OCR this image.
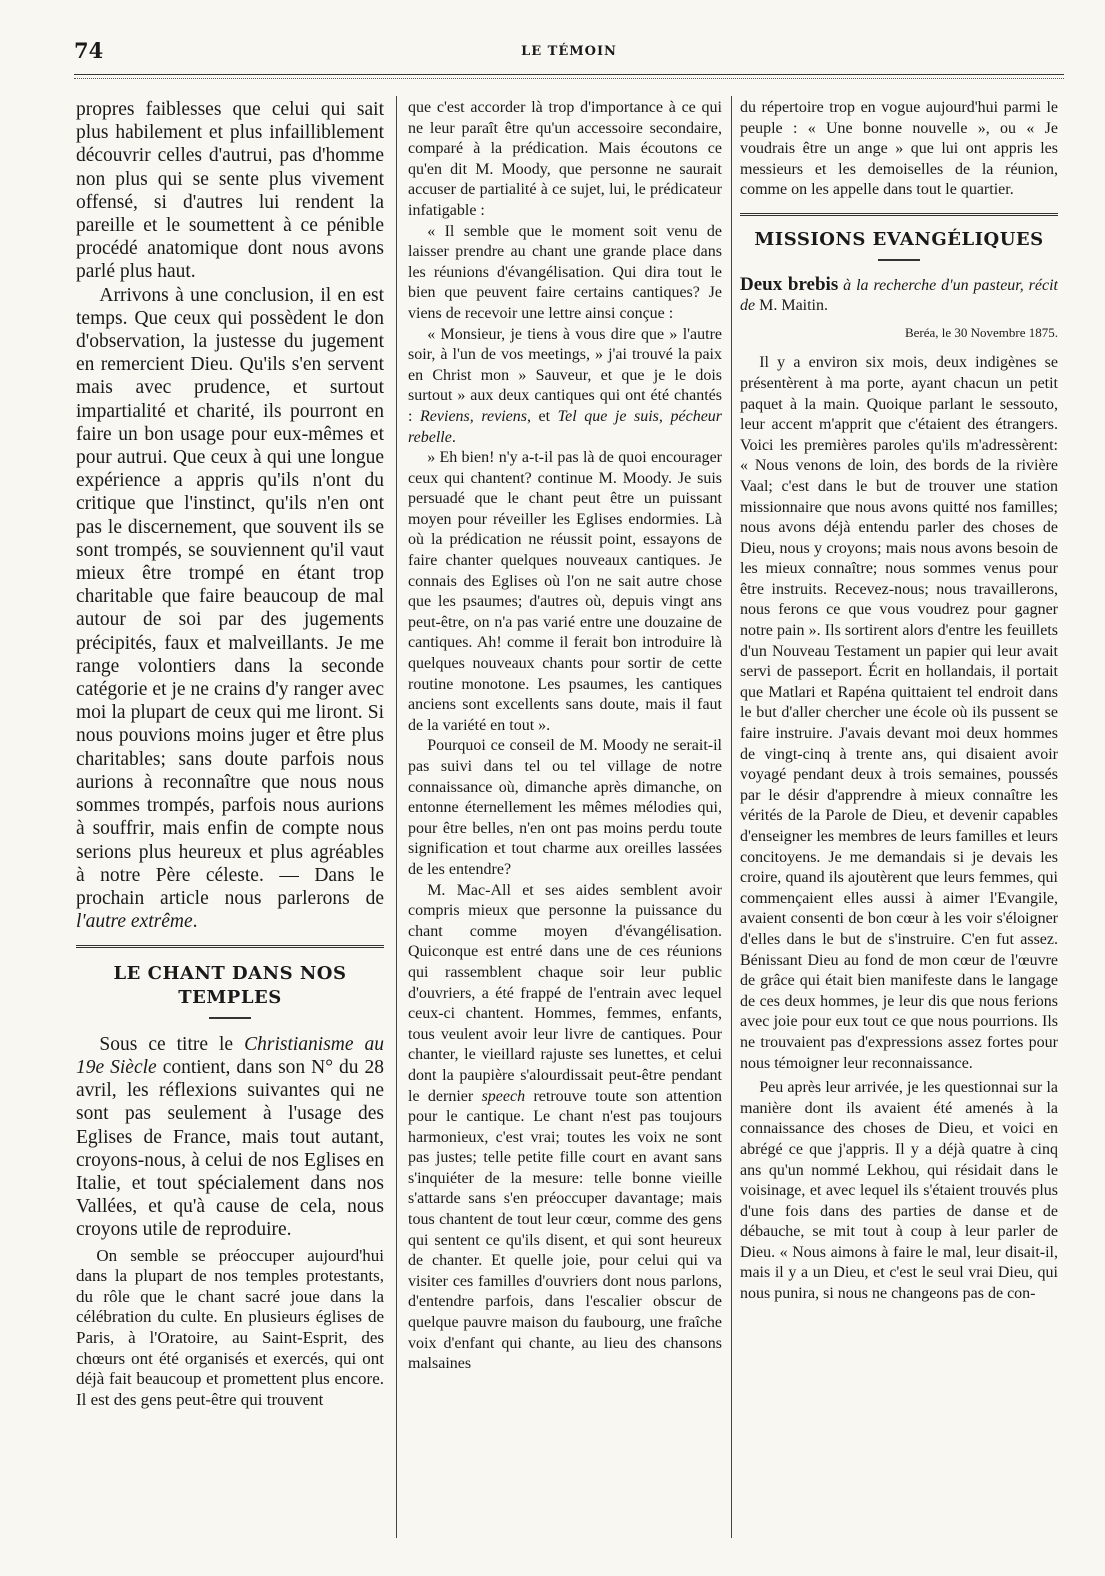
74	LE TÉMOIN

propres faiblesses que celui qui sait plus habilement et plus infailliblement découvrir celles d'autrui, pas d'homme non plus qui se sente plus vivement offensé, si d'autres lui rendent la pareille et le soumettent à ce pénible procédé anatomique dont nous avons parlé plus haut.

Arrivons à une conclusion, il en est temps. Que ceux qui possèdent le don d'observation, la justesse du jugement en remercient Dieu. Qu'ils s'en servent mais avec prudence, et surtout impartialité et charité, ils pourront en faire un bon usage pour eux-mêmes et pour autrui. Que ceux à qui une longue expérience a appris qu'ils n'ont du critique que l'instinct, qu'ils n'en ont pas le discernement, que souvent ils se sont trompés, se souviennent qu'il vaut mieux être trompé en étant trop charitable que faire beaucoup de mal autour de soi par des jugements précipités, faux et malveillants. Je me range volontiers dans la seconde catégorie et je ne crains d'y ranger avec moi la plupart de ceux qui me liront. Si nous pouvions moins juger et être plus charitables; sans doute parfois nous aurions à reconnaître que nous nous sommes trompés, parfois nous aurions à souffrir, mais enfin de compte nous serions plus heureux et plus agréables à notre Père céleste. — Dans le prochain article nous parlerons de l'autre extrême.

LE CHANT DANS NOS TEMPLES

Sous ce titre le Christianisme au 19e Siècle contient, dans son N° du 28 avril, les réflexions suivantes qui ne sont pas seulement à l'usage des Eglises de France, mais tout autant, croyons-nous, à celui de nos Eglises en Italie, et tout spécialement dans nos Vallées, et qu'à cause de cela, nous croyons utile de reproduire.

On semble se préoccuper aujourd'hui dans la plupart de nos temples protestants, du rôle que le chant sacré joue dans la célébration du culte. En plusieurs églises de Paris, à l'Oratoire, au Saint-Esprit, des chœurs ont été organisés et exercés, qui ont déjà fait beaucoup et promettent plus encore. Il est des gens peut-être qui trouvent

que c'est accorder là trop d'importance à ce qui ne leur paraît être qu'un accessoire secondaire, comparé à la prédication. Mais écoutons ce qu'en dit M. Moody, que personne ne saurait accuser de partialité à ce sujet, lui, le prédicateur infatigable :

« Il semble que le moment soit venu de laisser prendre au chant une grande place dans les réunions d'évangélisation. Qui dira tout le bien que peuvent faire certains cantiques? Je viens de recevoir une lettre ainsi conçue :

« Monsieur, je tiens à vous dire que » l'autre soir, à l'un de vos meetings, » j'ai trouvé la paix en Christ mon » Sauveur, et que je le dois surtout » aux deux cantiques qui ont été chantés : Reviens, reviens, et Tel que je suis, pécheur rebelle.

» Eh bien! n'y a-t-il pas là de quoi encourager ceux qui chantent? continue M. Moody. Je suis persuadé que le chant peut être un puissant moyen pour réveiller les Eglises endormies. Là où la prédication ne réussit point, essayons de faire chanter quelques nouveaux cantiques. Je connais des Eglises où l'on ne sait autre chose que les psaumes; d'autres où, depuis vingt ans peut-être, on n'a pas varié entre une douzaine de cantiques. Ah! comme il ferait bon introduire là quelques nouveaux chants pour sortir de cette routine monotone. Les psaumes, les cantiques anciens sont excellents sans doute, mais il faut de la variété en tout ».

Pourquoi ce conseil de M. Moody ne serait-il pas suivi dans tel ou tel village de notre connaissance où, dimanche après dimanche, on entonne éternellement les mêmes mélodies qui, pour être belles, n'en ont pas moins perdu toute signification et tout charme aux oreilles lassées de les entendre?

M. Mac-All et ses aides semblent avoir compris mieux que personne la puissance du chant comme moyen d'évangélisation. Quiconque est entré dans une de ces réunions qui rassemblent chaque soir leur public d'ouvriers, a été frappé de l'entrain avec lequel ceux-ci chantent. Hommes, femmes, enfants, tous veulent avoir leur livre de cantiques. Pour chanter, le vieillard rajuste ses lunettes, et celui dont la paupière s'alourdissait peut-être pendant le dernier speech retrouve toute son attention pour le cantique. Le chant n'est pas toujours harmonieux, c'est vrai; toutes les voix ne sont pas justes; telle petite fille court en avant sans s'inquiéter de la mesure: telle bonne vieille s'attarde sans s'en préoccuper davantage; mais tous chantent de tout leur cœur, comme des gens qui sentent ce qu'ils disent, et qui sont heureux de chanter. Et quelle joie, pour celui qui va visiter ces familles d'ouvriers dont nous parlons, d'entendre parfois, dans l'escalier obscur de quelque pauvre maison du faubourg, une fraîche voix d'enfant qui chante, au lieu des chansons malsaines

du répertoire trop en vogue aujourd'hui parmi le peuple : « Une bonne nouvelle », ou « Je voudrais être un ange » que lui ont appris les messieurs et les demoiselles de la réunion, comme on les appelle dans tout le quartier.

MISSIONS EVANGÉLIQUES

Deux brebis à la recherche d'un pasteur, récit de M. Maitin.

Beréa, le 30 Novembre 1875.

Il y a environ six mois, deux indigènes se présentèrent à ma porte, ayant chacun un petit paquet à la main. Quoique parlant le sessouto, leur accent m'apprit que c'étaient des étrangers. Voici les premières paroles qu'ils m'adressèrent: « Nous venons de loin, des bords de la rivière Vaal; c'est dans le but de trouver une station missionnaire que nous avons quitté nos familles; nous avons déjà entendu parler des choses de Dieu, nous y croyons; mais nous avons besoin de les mieux connaître; nous sommes venus pour être instruits. Recevez-nous; nous travaillerons, nous ferons ce que vous voudrez pour gagner notre pain ». Ils sortirent alors d'entre les feuillets d'un Nouveau Testament un papier qui leur avait servi de passeport. Écrit en hollandais, il portait que Matlari et Rapéna quittaient tel endroit dans le but d'aller chercher une école où ils pussent se faire instruire. J'avais devant moi deux hommes de vingt-cinq à trente ans, qui disaient avoir voyagé pendant deux à trois semaines, poussés par le désir d'apprendre à mieux connaître les vérités de la Parole de Dieu, et devenir capables d'enseigner les membres de leurs familles et leurs concitoyens. Je me demandais si je devais les croire, quand ils ajoutèrent que leurs femmes, qui commençaient elles aussi à aimer l'Evangile, avaient consenti de bon cœur à les voir s'éloigner d'elles dans le but de s'instruire. C'en fut assez. Bénissant Dieu au fond de mon cœur de l'œuvre de grâce qui était bien manifeste dans le langage de ces deux hommes, je leur dis que nous ferions avec joie pour eux tout ce que nous pourrions. Ils ne trouvaient pas d'expressions assez fortes pour nous témoigner leur reconnaissance.

Peu après leur arrivée, je les questionnai sur la manière dont ils avaient été amenés à la connaissance des choses de Dieu, et voici en abrégé ce que j'appris. Il y a déjà quatre à cinq ans qu'un nommé Lekhou, qui résidait dans le voisinage, et avec lequel ils s'étaient trouvés plus d'une fois dans des parties de danse et de débauche, se mit tout à coup à leur parler de Dieu. « Nous aimons à faire le mal, leur disait-il, mais il y a un Dieu, et c'est le seul vrai Dieu, qui nous punira, si nous ne changeons pas de con-
